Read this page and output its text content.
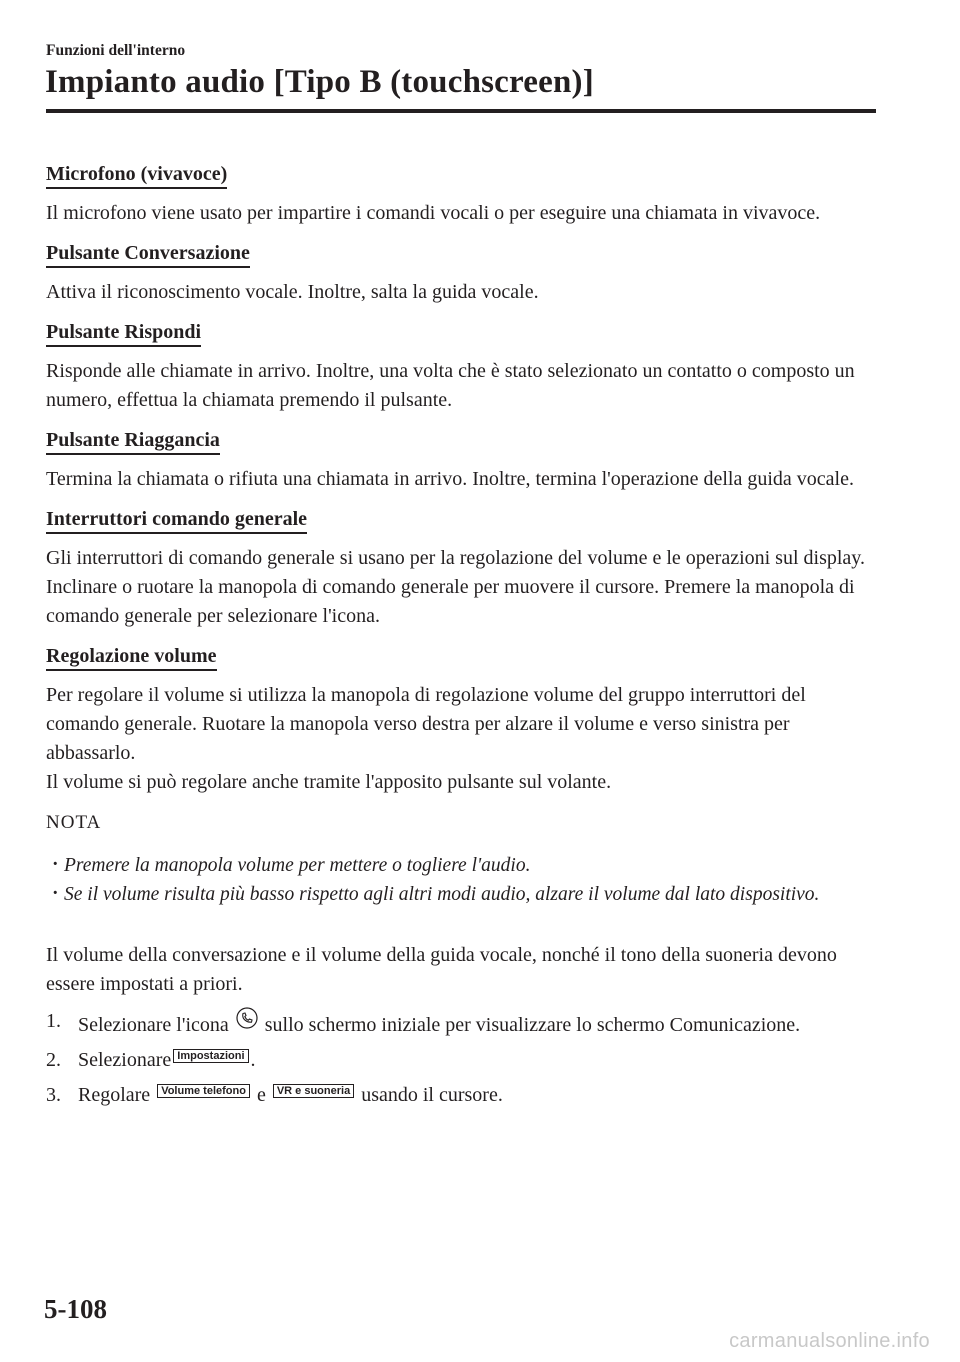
Funzioni dell'interno
Impianto audio [Tipo B (touchscreen)]
Microfono (vivavoce)

Il microfono viene usato per impartire i comandi vocali o per eseguire una chiamata in vivavoce.

Pulsante Conversazione

Attiva il riconoscimento vocale. Inoltre, salta la guida vocale.

Pulsante Rispondi

Risponde alle chiamate in arrivo. Inoltre, una volta che è stato selezionato un contatto o composto un numero, effettua la chiamata premendo il pulsante.

Pulsante Riaggancia

Termina la chiamata o rifiuta una chiamata in arrivo. Inoltre, termina l'operazione della guida vocale.

Interruttori comando generale

Gli interruttori di comando generale si usano per la regolazione del volume e le operazioni sul display. Inclinare o ruotare la manopola di comando generale per muovere il cursore. Premere la manopola di comando generale per selezionare l'icona.

Regolazione volume

Per regolare il volume si utilizza la manopola di regolazione volume del gruppo interruttori del comando generale. Ruotare la manopola verso destra per alzare il volume e verso sinistra per abbassarlo.

Il volume si può regolare anche tramite l'apposito pulsante sul volante.

NOTA
· Premere la manopola volume per mettere o togliere l'audio.
· Se il volume risulta più basso rispetto agli altri modi audio, alzare il volume dal lato dispositivo.

Il volume della conversazione e il volume della guida vocale, nonché il tono della suoneria devono essere impostati a priori.

1. Selezionare l'icona sullo schermo iniziale per visualizzare lo schermo Comunicazione.
2. Selezionare Impostazioni .
3. Regolare Volume telefono e VR e suoneria usando il cursore.
5-108
carmanualsonline.info
